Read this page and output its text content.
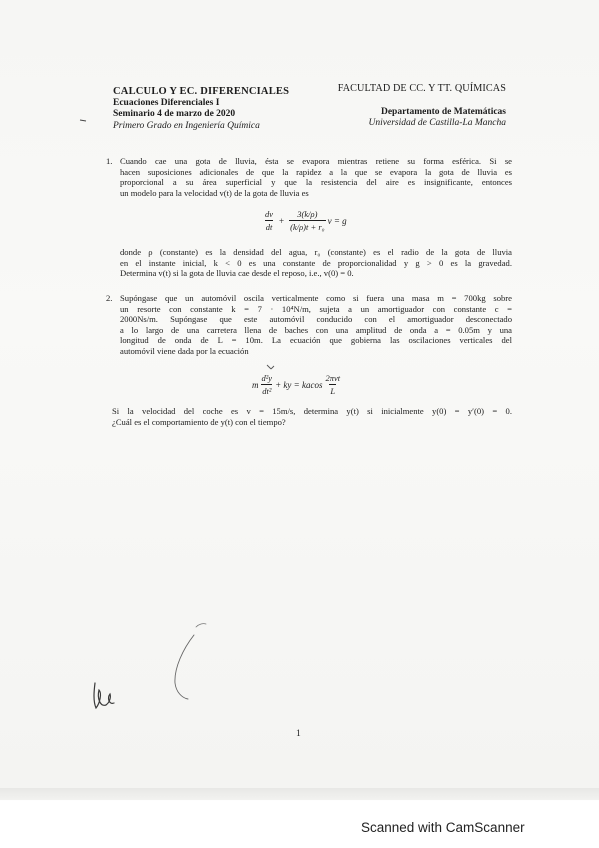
CALCULO Y EC. DIFERENCIALES
Ecuaciones Diferenciales I
Seminario 4 de marzo de 2020
Primero Grado en Ingeniería Química
FACULTAD DE CC. Y TT. QUÍMICAS
Departamento de Matemáticas
Universidad de Castilla-La Mancha
1. Cuando cae una gota de lluvia, ésta se evapora mientras retiene su forma esférica. Si se
hacen suposiciones adicionales de que la rapidez a la que se evapora la gota de lluvia es
proporcional a su área superficial y que la resistencia del aire es insignificante, entonces
un modelo para la velocidad v(t) de la gota de lluvia es
$\frac{dv}{dt} + \frac{3(k/\rho)}{\text{(k/ρ)t + r₀}}$ v = g
donde ρ (constante) es la densidad del agua, r₀ (constante) es el radio de la gota de lluvia
en el instante inicial, k < 0 es una constante de proporcionalidad y g > 0 es la gravedad.
Determina v(t) si la gota de lluvia cae desde el reposo, i.e., v(0) = 0.
2. Supóngase que un automóvil oscila verticalmente como si fuera una masa m = 700kg sobre
un resorte con constante k = 7 · 10⁴N/m, sujeta a un amortiguador con constante c =
2000Ns/m. Supóngase que este automóvil conducido con el amortiguador desconectado
a lo largo de una carretera llena de baches con una amplitud de onda a = 0.05m y una
longitud de onda de L = 10m. La ecuación que gobierna las oscilaciones verticales del
automóvil viene dada por la ecuación
m $\frac{\text{d²y}}{\text{dt²}}$ + ky = kacos $\frac{\text{2πvt}}{L}$
Si la velocidad del coche es v = 15m/s, determina y(t) si inicialmente y(0) = y′(0) = 0.
¿Cuál es el comportamiento de y(t) con el tiempo?
1
Scanned with CamScanner
